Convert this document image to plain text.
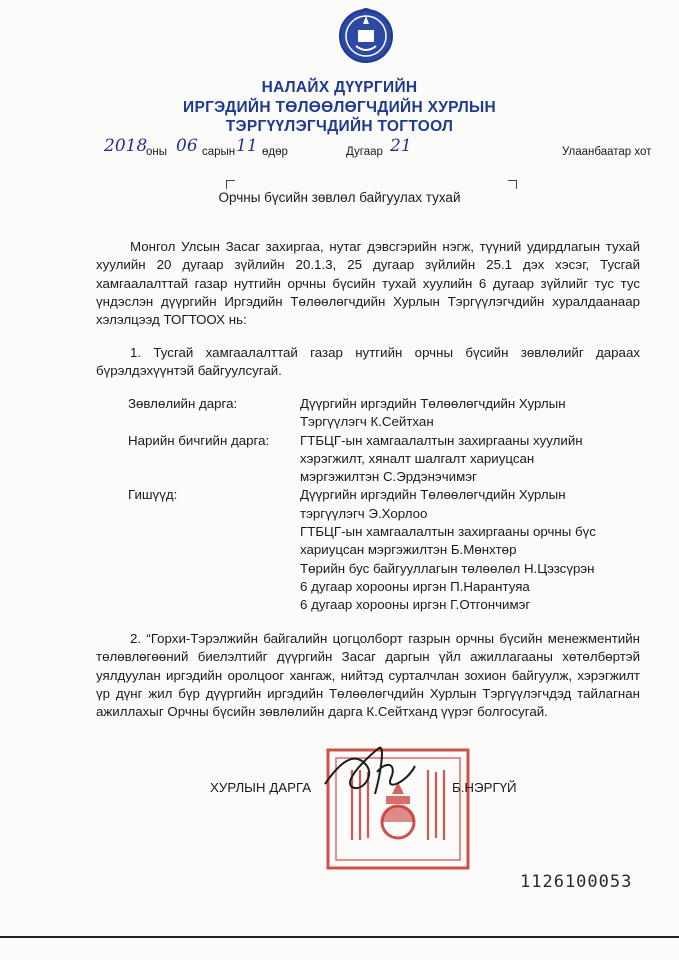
НАЛАЙХ ДҮҮРГИЙН
ИРГЭДИЙН ТӨЛӨӨЛӨГЧДИЙН ХУРЛЫН
ТЭРГҮҮЛЭГЧДИЙН ТОГТООЛ
2018
оны 06 сарын 11 өдөр	Дугаар 21	Улаанбаатар хот
Орчны бүсийн зөвлөл байгуулах тухай
Монгол Улсын Засаг захиргаа, нутаг дэвсгэрийн нэгж, түүний удирдлагын тухай хуулийн 20 дугаар зүйлийн 20.1.3, 25 дугаар зүйлийн 25.1 дэх хэсэг, Тусгай хамгаалалттай газар нутгийн орчны бүсийн тухай хуулийн 6 дугаар зүйлийг тус тус үндэслэн дүүргийн Иргэдийн Төлөөлөгчдийн Хурлын Тэргүүлэгчдийн хуралдаанаар хэлэлцээд ТОГТООХ нь:
1. Тусгай хамгаалалттай газар нутгийн орчны бүсийн зөвлөлийг дараах бүрэлдэхүүнтэй байгуулсугай.
Зөвлөлийн дарга:	Дүүргийн иргэдийн Төлөөлөгчдийн Хурлын
Тэргүүлэгч К.Сейтхан
Нарийн бичгийн дарга:	ГТБЦГ-ын хамгаалалтын захиргааны хуулийн
хэрэгжилт, хяналт шалгалт хариуцсан
мэргэжилтэн С.Эрдэнэчимэг
Гишүүд:	Дүүргийн иргэдийн Төлөөлөгчдийн Хурлын
тэргүүлэгч Э.Хорлоо
ГТБЦГ-ын хамгаалалтын захиргааны орчны бүс
хариуцсан мэргэжилтэн Б.Мөнхтөр
Төрийн бус байгууллагын төлөөлөл Н.Цэзсүрэн
6 дугаар хорооны иргэн П.Нарантуяа
6 дугаар хорооны иргэн Г.Отгончимэг
2. “Горхи-Тэрэлжийн байгалийн цогцолборт газрын орчны бүсийн менежментийн төлөвлөгөөний биелэлтийг дүүргийн Засаг даргын үйл ажиллагааны хөтөлбөртэй уялдуулан иргэдийн оролцоог хангаж, нийтэд сурталчлан зохион байгуулж, хэрэгжилт үр дүнг жил бүр дүүргийн иргэдийн Төлөөлөгчдийн Хурлын Тэргүүлэгчдэд тайлагнан ажиллахыг Орчны бүсийн зөвлөлийн дарга К.Сейтханд үүрэг болгосугай.
ХУРЛЫН ДАРГА	Б.НЭРГҮЙ
1126100053
